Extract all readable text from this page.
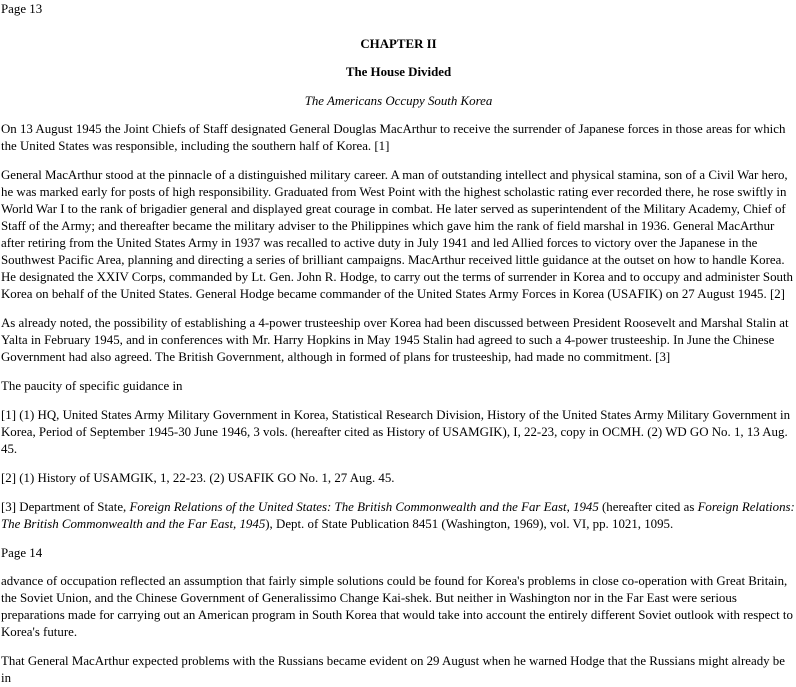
Page 13

CHAPTER II

The House Divided

The Americans Occupy South Korea

On 13 August 1945 the Joint Chiefs of Staff designated General Douglas MacArthur to receive the surrender of Japanese forces in those areas for which the United States was responsible, including the southern half of Korea. [1]

General MacArthur stood at the pinnacle of a distinguished military career. A man of outstanding intellect and physical stamina, son of a Civil War hero, he was marked early for posts of high responsibility. Graduated from West Point with the highest scholastic rating ever recorded there, he rose swiftly in World War I to the rank of brigadier general and displayed great courage in combat. He later served as superintendent of the Military Academy, Chief of Staff of the Army; and thereafter became the military adviser to the Philippines which gave him the rank of field marshal in 1936. General MacArthur after retiring from the United States Army in 1937 was recalled to active duty in July 1941 and led Allied forces to victory over the Japanese in the Southwest Pacific Area, planning and directing a series of brilliant campaigns. MacArthur received little guidance at the outset on how to handle Korea. He designated the XXIV Corps, commanded by Lt. Gen. John R. Hodge, to carry out the terms of surrender in Korea and to occupy and administer South Korea on behalf of the United States. General Hodge became commander of the United States Army Forces in Korea (USAFIK) on 27 August 1945. [2]

As already noted, the possibility of establishing a 4-power trusteeship over Korea had been discussed between President Roosevelt and Marshal Stalin at Yalta in February 1945, and in conferences with Mr. Harry Hopkins in May 1945 Stalin had agreed to such a 4-power trusteeship. In June the Chinese Government had also agreed. The British Government, although in formed of plans for trusteeship, had made no commitment. [3]

The paucity of specific guidance in

[1] (1) HQ, United States Army Military Government in Korea, Statistical Research Division, History of the United States Army Military Government in Korea, Period of September 1945-30 June 1946, 3 vols. (hereafter cited as History of USAMGIK), I, 22-23, copy in OCMH. (2) WD GO No. 1, 13 Aug. 45.

[2] (1) History of USAMGIK, 1, 22-23. (2) USAFIK GO No. 1, 27 Aug. 45.

[3] Department of State, Foreign Relations of the United States: The British Commonwealth and the Far East, 1945 (hereafter cited as Foreign Relations: The British Commonwealth and the Far East, 1945), Dept. of State Publication 8451 (Washington, 1969), vol. VI, pp. 1021, 1095.

Page 14

advance of occupation reflected an assumption that fairly simple solutions could be found for Korea's problems in close co-operation with Great Britain, the Soviet Union, and the Chinese Government of Generalissimo Change Kai-shek. But neither in Washington nor in the Far East were serious preparations made for carrying out an American program in South Korea that would take into account the entirely different Soviet outlook with respect to Korea's future.

That General MacArthur expected problems with the Russians became evident on 29 August when he warned Hodge that the Russians might already be in
